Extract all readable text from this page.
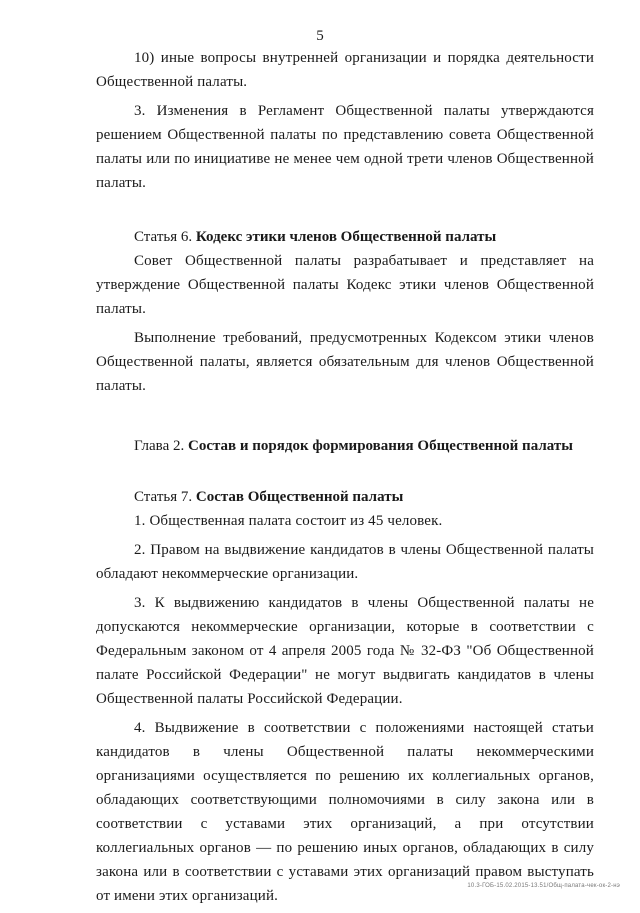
5

10) иные вопросы внутренней организации и порядка деятельности Общественной палаты.

3. Изменения в Регламент Общественной палаты утверждаются решением Общественной палаты по представлению совета Общественной палаты или по инициативе не менее чем одной трети членов Общественной палаты.

Статья 6. Кодекс этики членов Общественной палаты

Совет Общественной палаты разрабатывает и представляет на утверждение Общественной палаты Кодекс этики членов Общественной палаты.

Выполнение требований, предусмотренных Кодексом этики членов Общественной палаты, является обязательным для членов Общественной палаты.

Глава 2. Состав и порядок формирования Общественной палаты

Статья 7. Состав Общественной палаты

1. Общественная палата состоит из 45 человек.

2. Правом на выдвижение кандидатов в члены Общественной палаты обладают некоммерческие организации.

3. К выдвижению кандидатов в члены Общественной палаты не допускаются некоммерческие организации, которые в соответствии с Федеральным законом от 4 апреля 2005 года № 32-ФЗ "Об Общественной палате Российской Федерации" не могут выдвигать кандидатов в члены Общественной палаты Российской Федерации.

4. Выдвижение в соответствии с положениями настоящей статьи кандидатов в члены Общественной палаты некоммерческими организациями осуществляется по решению их коллегиальных органов, обладающих соответствующими полномочиями в силу закона или в соответствии с уставами этих организаций, а при отсутствии коллегиальных органов — по решению иных органов, обладающих в силу закона или в соответствии с уставами этих организаций правом выступать от имени этих организаций.

10.3-ГОБ-15.02.2015-13.51/Общ-палата-чек-ок-2-нэ
